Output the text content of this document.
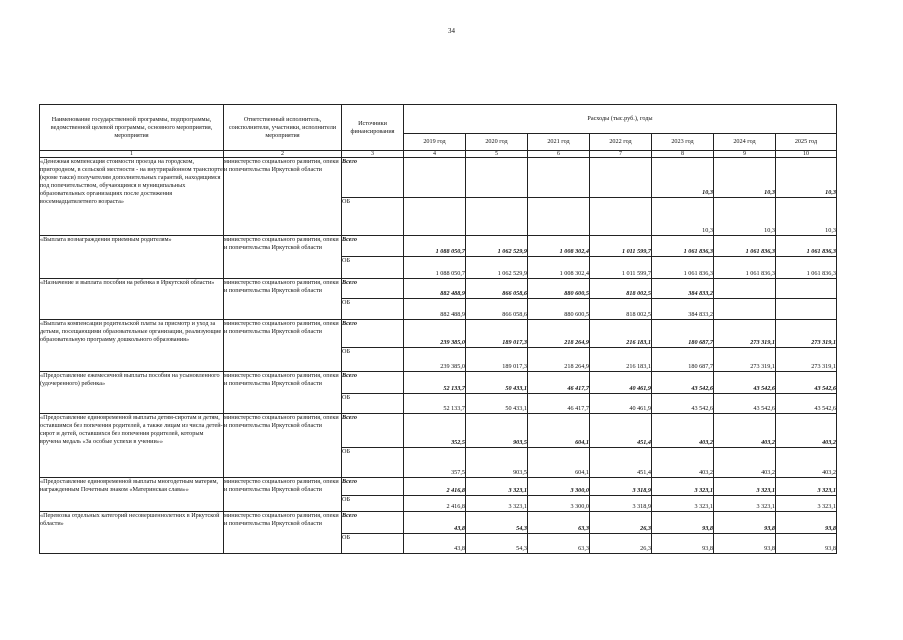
34
Наименование государственной программы, подпрограммы, ведомственной целевой программы, основного мероприятия, мероприятия	Ответственный исполнитель, соисполнители, участники, исполнители мероприятия	Источники финансирования	Расходы (тыс.руб.), годы						
			2019 год	2020 год	2021 год	2022 год	2023 год	2024 год	2025 год
1	2	3	4	5	6	7	8	9	10
«Денежная компенсация стоимости проезда на городском, пригородном, в сельской местности - на внутрирайонном транспорте (кроме такси) получателям дополнительных гарантий, находящимся под попечительством, обучающимся в муниципальных образовательных организациях после достижения восемнадцатилетнего возраста»	министерство социального развития, опеки и попечительства Иркутской области	Всего					10,3	10,3	10,3

		ОБ					10,3	10,3	10,3
«Выплата вознаграждения приемным родителям»	министерство социального развития, опеки и попечительства Иркутской области	Всего	1 088 050,7	1 062 529,9	1 008 302,4	1 011 599,7	1 061 836,3	1 061 836,3	1 061 836,3

		ОБ	1 088 050,7	1 062 529,9	1 008 302,4	1 011 599,7	1 061 836,3	1 061 836,3	1 061 836,3
«Назначение и выплата пособия на ребенка в Иркутской области»	министерство социального развития, опеки и попечительства Иркутской области	Всего	882 488,9	866 058,6	880 600,5	818 002,5	384 833,2		

		ОБ	882 488,9	866 058,6	880 600,5	818 002,5	384 833,2		
«Выплата компенсации родительской платы за присмотр и уход за детьми, посещающими образовательные организации, реализующие образовательную программу дошкольного образования»	министерство социального развития, опеки и попечительства Иркутской области	Всего	239 385,0	189 017,3	218 264,9	216 183,1	180 687,7	273 319,1	273 319,1

		ОБ	239 385,0	189 017,3	218 264,9	216 183,1	180 687,7	273 319,1	273 319,1
«Предоставление ежемесячной выплаты пособия на усыновленного (удочеренного) ребенка»	министерство социального развития, опеки и попечительства Иркутской области	Всего	52 133,7	50 433,1	46 417,7	40 461,9	43 542,6	43 542,6	43 542,6

		ОБ	52 133,7	50 433,1	46 417,7	40 461,9	43 542,6	43 542,6	43 542,6
«Предоставление единовременной выплаты детям-сиротам и детям, оставшимся без попечения родителей, а также лицам из числа детей-сирот и детей, оставшихся без попечения родителей, которым вручена медаль «За особые успехи в учении»»	министерство социального развития, опеки и попечительства Иркутской области	Всего	352,5	903,5	604,1	451,4	403,2	403,2	403,2

		ОБ	357,5	903,5	604,1	451,4	403,2	403,2	403,2
«Предоставление единовременной выплаты многодетным матерям, награжденным Почетным знаком «Материнская слава»»	министерство социального развития, опеки и попечительства Иркутской области	Всего	2 416,8	3 323,1	3 300,0	3 318,9	3 323,1	3 323,1	3 323,1

		ОБ	2 416,8	3 323,1	3 300,0	3 318,9	3 323,1	3 323,1	3 323,1
«Перевозка отдельных категорий несовершеннолетних в Иркутской области»	министерство социального развития, опеки и попечительства Иркутской области	Всего	43,8	54,3	63,3	26,3	93,8	93,8	93,8

		ОБ	43,8	54,3	63,3	26,3	93,8	93,8	93,8
